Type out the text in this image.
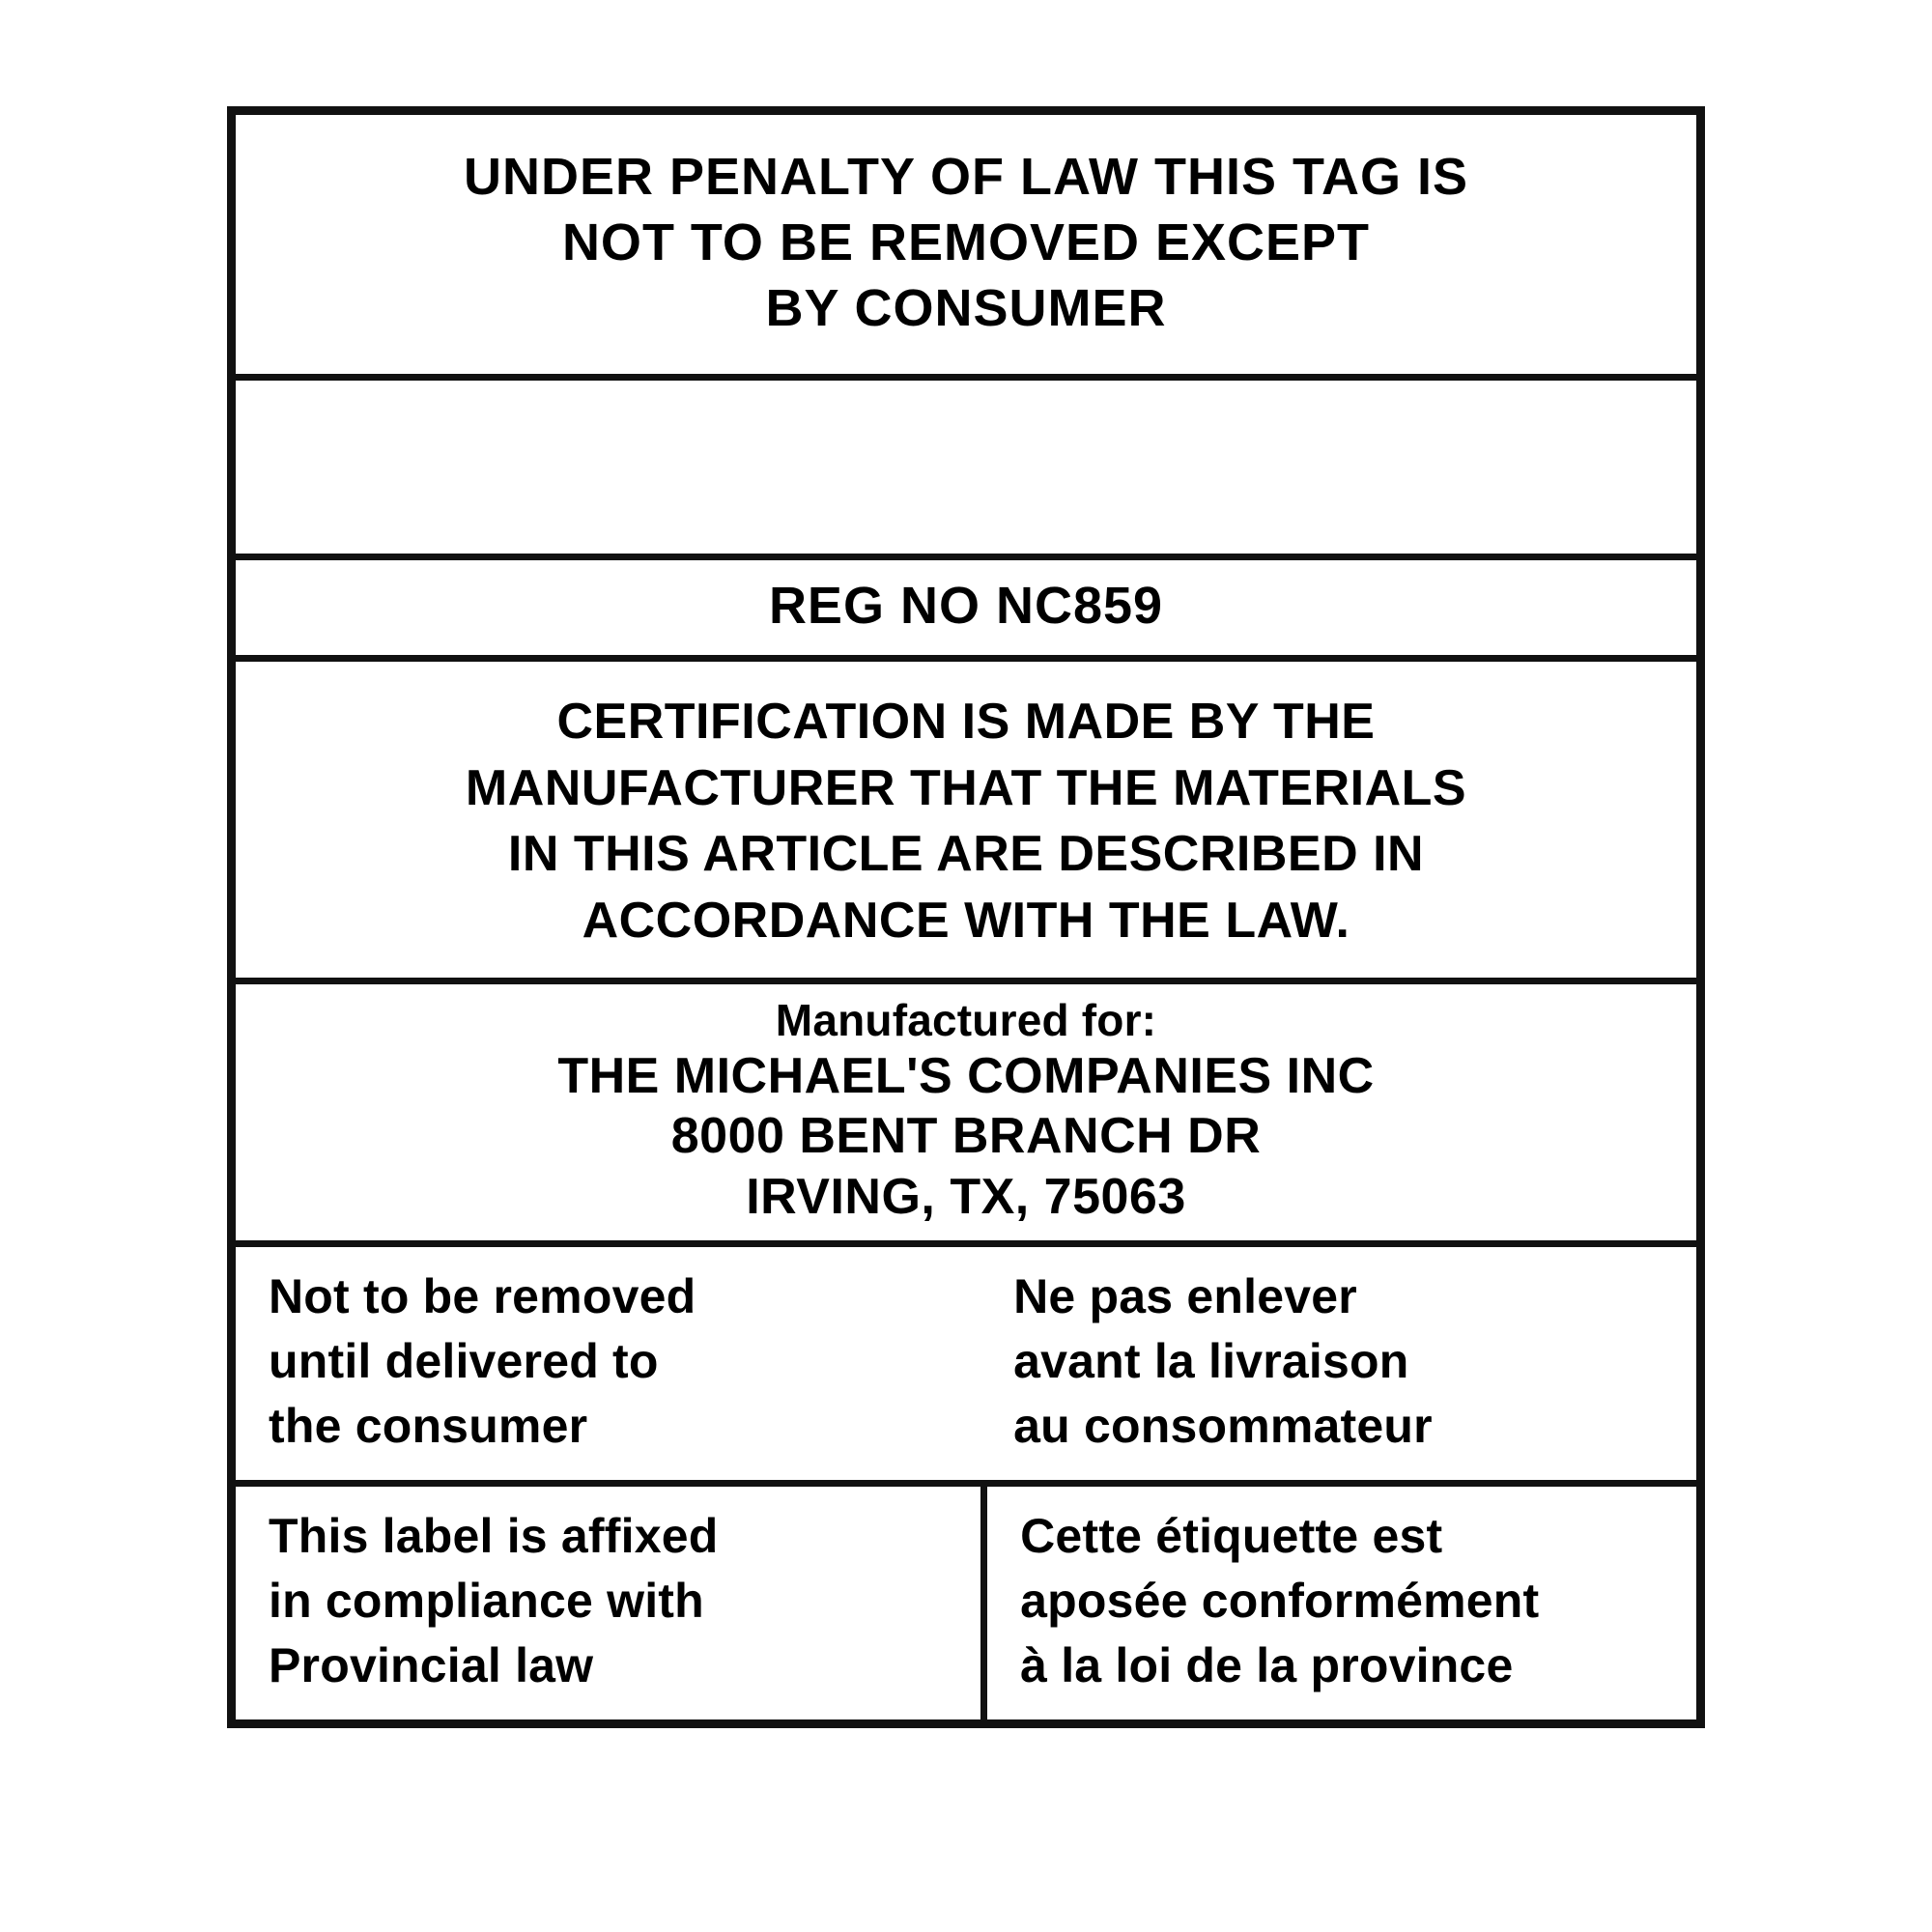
UNDER PENALTY OF LAW THIS TAG IS
NOT TO BE REMOVED EXCEPT
BY CONSUMER
REG NO NC859
CERTIFICATION IS MADE BY THE
MANUFACTURER THAT THE MATERIALS
IN THIS ARTICLE ARE DESCRIBED IN
ACCORDANCE WITH THE LAW.
Manufactured for:
THE MICHAEL'S COMPANIES INC
8000 BENT BRANCH DR
IRVING, TX, 75063
Not to be removed
until delivered to
the consumer
Ne pas enlever
avant la livraison
au consommateur
This label is affixed
in compliance with
Provincial law
Cette étiquette est
aposée conformément
à la loi de la province
